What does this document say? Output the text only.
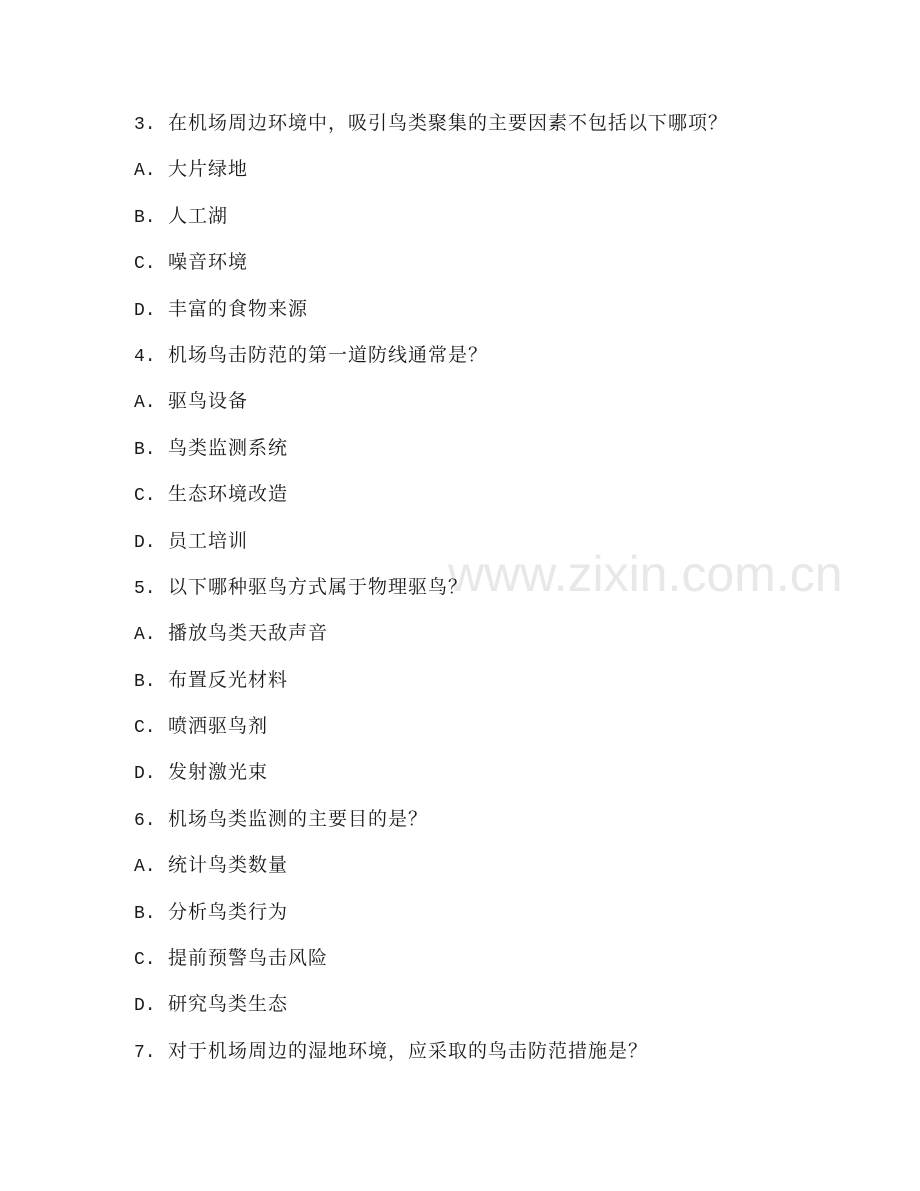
www.zixin.com.cn
3. 在机场周边环境中，吸引鸟类聚集的主要因素不包括以下哪项？
A. 大片绿地
B. 人工湖
C. 噪音环境
D. 丰富的食物来源
4. 机场鸟击防范的第一道防线通常是？
A. 驱鸟设备
B. 鸟类监测系统
C. 生态环境改造
D. 员工培训
5. 以下哪种驱鸟方式属于物理驱鸟？
A. 播放鸟类天敌声音
B. 布置反光材料
C. 喷洒驱鸟剂
D. 发射激光束
6. 机场鸟类监测的主要目的是？
A. 统计鸟类数量
B. 分析鸟类行为
C. 提前预警鸟击风险
D. 研究鸟类生态
7. 对于机场周边的湿地环境，应采取的鸟击防范措施是？
